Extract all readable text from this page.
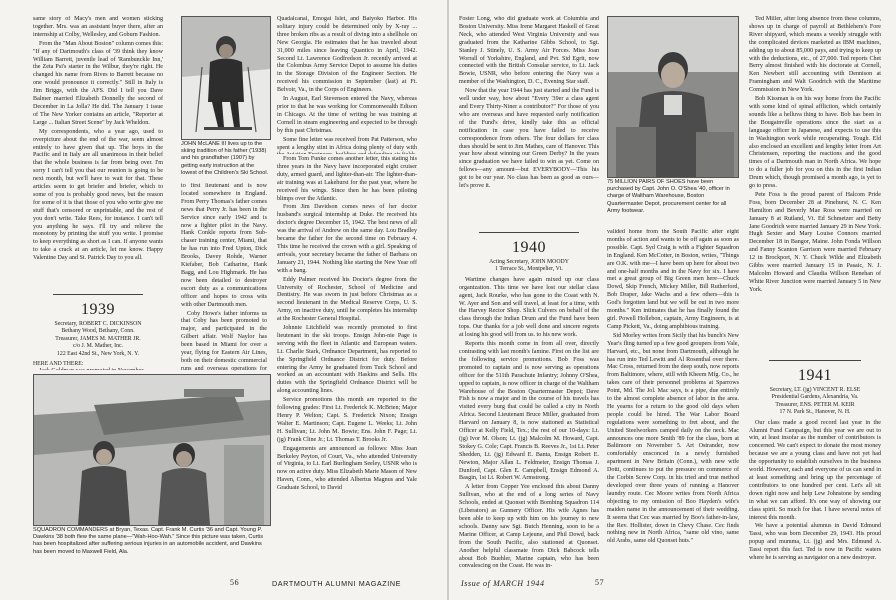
same story of Macy's men and women sticking together. Mrs. was an assistant buyer there, after an internship at Colby, Wellesley, and Goburn Fashion.

From the "Man About Boston" column comes this: "If any of Dartmouth's class of '39 think they know William Barrett, juvenile lead of 'Rambunckle Inn,' the Zeta Psi's starter in the Wilbur, they're right. He changed his name from Rives to Barrett because no one would pronounce it correctly." Still in Italy is Jim Briggs, with the AFS. Did I tell you Dave Balmer married Elizabeth Donnelly the second of December in La Jolla? He did. The January 1 issue of The New Yorker contains an article, "Reporter at Large ... Italian Street Scene" by Jack Wheldon.

My correspondents, who a year ago, used to overpicture about the end of the war, seem almost entirely to have given that up. The boys in the Pacific and in Italy are all unanimous in their belief that the whole business is far from being over. I'm sorry I can't tell you that our reunion is going to be next month, but we'll have to wait for that. These articles seem to get briefer and briefer, which to some of you is probably good news, but the reason for some of it is that those of you who write give me stuff that's censored or unprintable, and the rest of you don't write. Take Rees, for instance. I can't tell you anything he says. I'll try and relieve the monotony by printing the stuff you write. I promise to keep everything as short as I can. If anyone wants to take a crack at an article, let me know. Happy Valentine Day and St. Patrick Day to you all.

1939
Secretary, ROBERT C. DICKINSON
Bethany Wood, Bethany, Conn.
Treasurer, JAMES M. MATHER JR.
c/o J. M. Mather, Inc.
122 East 42nd St., New York, N. Y.
HERE AND THERE:

JOHN McLANE III lives up to the skiing tradition of his father ('1938) and his grandfather (1907) by getting early instruction at the lowest of the Children's Ski School.

to first lieutenant and is now located somewhere in England. From Perry Thomas's father comes news that Perry Jr. has been in the Service since early 1942 and is now a fighter pilot in the Navy. Hank Conkle reports from Sub-chaser training center, Miami, that he has run into Fred Upton, Dick Brooks, Davey Rohde, Warner Kiefaber, Bob Catharine, Hank Bagg, and Lou Highmark. He has now been detailed to destroyer escort duty as a communications officer and hopes to cross wits with other Dartmouth men.

Coby Howe's father informs us that Coby has been promoted to major, and participated in the Gilbert affair. Wolf Naylor has been based in Miami for over a year, flying for Eastern Air Lines, both on their domestic commercial runs and overseas operations for

Quadalcanal, Emogai Islet, and Baiyoko Harbor. His solitary injury could be determined only by X-ray ... three broken ribs as a result of diving into a shellhole on New Georgia. He estimates that he has traveled about 31,000 miles since leaving Quantico in April, 1942. Second Lt. Lawrence Godfredson Jr. recently arrived at the Colombus Army Service Depot to assume his duties in the Storage Division of the Engineer Section. He received his commission in September (last) at Ft. Belvoir, Va., in the Corps of Engineers.

In August, Earl Stevenson entered the Navy, whereas prior to that he was working for Commonwealth Edison in Chicago. At the time of writing he was training at Cornell in steam engineering and expected to be through by this past Christmas.

Some fine letter was received from Pat Patterson, who spent a lengthy stint in Africa doing plenty of duty with

From Tom Funke comes another letter, this stating his three years in the Navy have incorporated eight cruiser duty, armed guard, and lighter-than-air. The lighter-than-air training was at Lakehurst for the past year, where he received his wings. Since then he has been piloting blimps over the Atlantic.

From Jim Davidson comes news of her doctor husband's surgical internship at Duke. He received his doctor's degree December 15, 1942. The best news of all was the arrival of Andrew on the same day. Lou Bradley became the father for the second time on February 4. This time he received the crown with a girl. Speaking of arrivals, your secretary became the father of Barbara on January 21, 1944. Nothing like starting the New Year off with a bang.

Eddy Palmer received his Doctor's degree from the University of Rochester, School of Medicine and Dentistry. He was sworn in just before Christmas as a second lieutenant in the Medical Reserve Corps, U. S. Army, on inactive duty, until he completes his internship at the Rochester General Hospital.

Johnnie Litchfield was recently promoted to first lieutenant in the ski troops. Ensign John-nie Page is serving with the fleet in Atlantic and European waters. Lt. Charlie Stark, Ordnance Department, has reported to the Springfield Ordnance District for duty. Before entering the Army he graduated from Tuck School and worked as an accountant with Haskins and Sells. His duties with the Springfield Ordnance District will be along accounting lines.

Service promotions this month are reported to the following grades: First Lt. Frederick K. McBrien; Major Henry P. Welton; Capt. S. Frederick Nixon; Ensign Walter E. Martinson; Capt. Eugene L. Weeks; Lt. John H. Sullivan; Lt. John M. Bowie; Ens. John F. Page; Lt. (jg) Frank Cline Jr.; Lt. Thomas T. Brooks Jr.

Engagements are announced as follows: Miss Joan Berkeley Peyton, of Court, Va., who attended University of Virginia, to Lt. Earl Burlingham Seeley, USNR who is now on active duty. Miss Elizabeth Marie Mason of New Haven, Conn., who attended Albertus Magnus and Yale Graduate School, to David

SQUADRON COMMANDERS at Bryan, Texas. Capt. Frank M. Curtis '36 and Capt. Young P. Dawkins '38 both flew the same plane—"Wah-Hoo-Wah." Since this picture was taken, Curtis has been hospitalized after suffering serious injuries in an automobile accident, and Dawkins has been moved to Maxwell Field, Ala.
56	DARTMOUTH ALUMNI MAGAZINE

Foster Long, who did graduate work at Columbia and Boston University. Miss Irene Margaret Haskell of Great Neck, who attended West Virginia University and was graduated from the Katharine Gibbs School, to Sgt. Stanley J. Stinely, U. S. Army Air Forces. Miss Joan Worrall of Yorkshire, England, and Pvt. Sid Egrit, now connected with the British Consular service, to Lt. Jack Bowie, USNR, who before entering the Navy was a member of the Washington, D. C., Evening Star staff.

Now that the year 1944 has just started and the Fund is well under way, how about "Every '39er a class agent and Every Thirty-Niner a contributor?" For those of you who are overseas and have requested early notification of the Fund's drive, kindly take this as official notification in case you have failed to receive correspondence from others. The four dollars for class dues should be sent to Jim Mathes, care of Hanover. This year how about winning our Green Derby? In the years since graduation we have failed to win as yet. Come on fellows—any amount—but EVERYBODY—This his got to be our year. No class has been as good as ours—let's prove it.

1940
Acting Secretary, JOHN MOODY
1 Terrace St., Montpelier, Vt.

Wartime changes have again mixed up our class organization. This time we have lost our stellar class agent, Jack Rourke, who has gone to the Coast with N. W. Ayer and Son and will travel, at least for a time, with the Harvey Rector Shop. Slick Culvers on behalf of the class through the Indian Drum and the Fund have been tops. Our thanks for a job well done and sincere regrets at losing his good will from us. to his new work.

Reports this month come in from all over, directly contrasting with last month's famine. First on the list are the following service promotions. Bob Foss was promoted to captain and is now serving as operations officer for the 511th Parachute Infantry; Johnny O'Shea, upped to captain, is now officer in charge of the Waltham Warehouse of the Boston Quartermaster Depot; Dave Fish is now a major and in the course of his travels has visited every burg that could be called a city in North Africa. Second Lieutenant Bruce Miller, graduated from Harvard on January 8, is now stationed as Statistical Officer at Kelly Field, Tex.; the rest of our 10-days: Lt. (jg) Ivor M. Olson; Lt. (jg) Malcolm M. Howard, Capt. Stokey G. Cole; Capt. Francis B. Reeves Jr., 1st Lt. Peter Shedden, Lt. (jg) Edward E. Banta, Ensign Robert E. Newton, Major Allan L. Feldmeier, Ensign Thomas J. Dunford, Capt. Glen E. Campbell, Ensign Edmond A. Basgin, 1st Lt. Robert W. Armstrong.

A letter from Copper Yee enclosed this about Danny Sullivan, who at the end of a long series of Navy Schools, ended at Quonset with Bombing Squadron 114 (Liberators) as Gunnery Officer. His wife Agnes has been able to keep up with him on his journey to new schools. Danny saw Sgt. Butch Henning, soon to be a Marine Officer, at Camp Lejeune, and Phil Dowd, back from the South Pacific, also stationed at Quonset. Another helpful classmate from Dick Babcock tells about Bob Buehler, Marine captain, who has been convalescing on the Coast. He was in-

75 MILLION PAIRS OF SHOES have been purchased by Capt. John O. O'Shea '40, officer in charge of Waltham Warehouse, Boston Quartermaster Depot, procurement center for all Army footwear.

valided home from the South Pacific after eight months of action and wants to be off again as soon as possible. Capt. Syd Craig is with a Fighter Squadron in England. Ken McCotter, in Boston, writes, "Things are O.K. with me—I have been up here for about two and one-half months and in the Navy for six. I have met a great group of Big Green men here—Chuck Dowd, Skip French, Mickey Miller, Bill Rutherford, Bob Draper, Jake Wachs and a few others—this is God's forgotten land but we will be out in two more months." Ken intimates that he has finally found the girl. Powell Hollebon, captain, Army Engineers, is at Camp Pickett, Va., doing amphibious training.

Sid Morley writes from Sicily that his bunch's New Year's fling turned up a few good groupers from Vale, Harvard, etc., but none from Dartmouth, although he has run into Ted Lewitt and Al Rosenthal over there. Mac Cross, returned from the deep south, now reports from Baltimore, where, still with Kheem Mfg. Co., he takes care of their personnel problems at Sparrows Point, Md. The Jol. Mac says, is a pipe, due entirely to the almost complete absence of labor in the area. He yearns for a return to the good old days when people could be hired. The War Labor Board regulations were something to fret about, and the United Steelworkers camped daily on the neck. Mac announces one more Smith '89 for the class, born at Baltimore on November 5. Art Ostrander, now comfortably ensconced in a newly furnished apartment in New Britain (Conn.), with new wife Dotti, continues to put the pressure on commerce of the Corbin Screw Corp. in his tried and true method developed over three years of running a Hanover laundry route. Cec Moore writes from North Africa objecting to my omission of Boo Hayden's wife's maiden name in the announcement of their wedding. It seems that Cec was married by Boo's father-in-law, the Rev. Hollister, down in Chevy Chase. Cec finds nothing new in North Africa, "same old vino, same old Arabs, same old Quonset huts."

Ted Miller, after long absence from these columns, shows up in charge of payroll at Bethlehem's Fore River shipyard, which means a weekly struggle with the complicated devices marketed as IBM machines, adding up to about 85,000 pays, and trying to keep up with the deductions, etc., of 27,000. Ted reports Chet Berry almost finished with his doctorate at Cornell, Ken Newbert still accounting with Dennison at Framingham and Walt Goodrich with the Maritime Commission in New York.

Bob Kissman is on his way home from the Pacific with some kind of spinal affliction, which certainly sounds like a helluva thing to have. Bob has been in the Bougainville operations since the start as a language officer in Japanese, and expects to use this in Washington work while recuperating. Tough. Eld also enclosed an excellent and lengthy letter from Art Christensen, reporting the reactions and the good times of a Dartmouth man in North Africa. We hope to do a fuller job for you on this in the first Indian Drum which, though promised a month ago, is yet to go to press.

Pete Foss is the proud parent of Halcom Pride Foss, born December 28 at Pinehurst, N. C. Ken Hamilton and Beverly Mae Ross were married on January 8 at Rutland, Vt. Ed Schmetzer and Betty Jane Goodrich were married January 29 in New York. Hugh Sexter and Mary Louise Connors married December 18 in Bangor, Maine. John Fonda Willson and Fanny Scanton Garrison were married February 12 in Brockport, N. Y. Chuck Wilde and Elizabeth Gibbs were married January 15 in Pasaic, N. J. Malcolm Howard and Claudia Willson Renehan of White River Junction were married January 5 in New York.

1941
Secretary, LT. (jg) VINCENT R. ELSE
Presidential Gardens, Alexandria, Va.
Treasurer, ENS. PETER M. KEIR
17 N. Park St., Hanover, N. H.

Our class made a good record last year in the Alumni Fund Campaign, but this year we are out to win, at least insofar as the number of contributors is concerned. We can't expect to donate the most money because we are a young class and have not yet had the opportunity to establish ourselves in the business world. However, each and everyone of us can send in at least something and bring up the percentage of contributors to one hundred per cent. Let's all sit down right now and help Lew Johnstone by sending in what we can afford. It's one way of showing our class spirit. So much for that. I have several notes of interest this month.

We have a potential alumnus in David Edmund Tassi, who was born December 29, 1943. His proud popup and mumma, Lt. (jg) and Mrs. Edmund A. Tassi report this fact. Ted is now in Pacific waters where he is serving as navigator on a new destroyer.

Issue of MARCH 1944	57
